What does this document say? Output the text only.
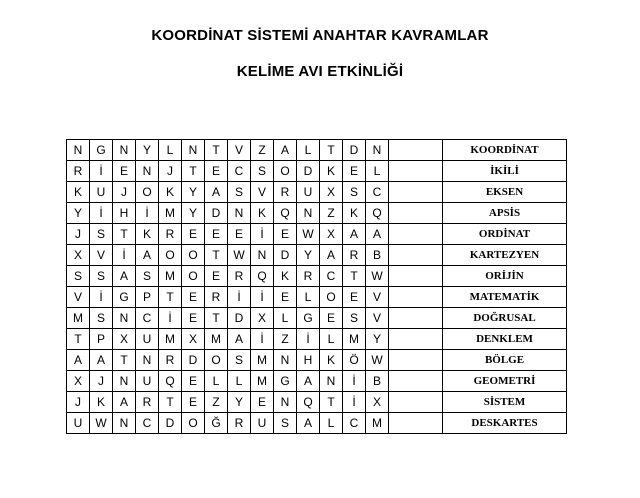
KOORDİNAT SİSTEMİ ANAHTAR KAVRAMLAR
KELİME AVI ETKİNLİĞİ
N	G	N	Y	L	N	T	V	Z	A	L	T	D	N		KOORDİNAT
R	İ	E	N	J	T	E	C	S	O	D	K	E	L		İKİLİ
K	U	J	O	K	Y	A	S	V	R	U	X	S	C		EKSEN
Y	İ	H	İ	M	Y	D	N	K	Q	N	Z	K	Q		APSİS
J	S	T	K	R	E	E	E	İ	E	W	X	A	A		ORDİNAT
X	V	İ	A	O	O	T	W	N	D	Y	A	R	B		KARTEZYEN
S	S	A	S	M	O	E	R	Q	K	R	C	T	W		ORİJİN
V	İ	G	P	T	E	R	İ	İ	E	L	O	E	V		MATEMATİK
M	S	N	C	İ	E	T	D	X	L	G	E	S	V		DOĞRUSAL
T	P	X	U	M	X	M	A	İ	Z	İ	L	M	Y		DENKLEM
A	A	T	N	R	D	O	S	M	N	H	K	Ö	W		BÖLGE
X	J	N	U	Q	E	L	L	M	G	A	N	İ	B		GEOMETRİ
J	K	A	R	T	E	Z	Y	E	N	Q	T	İ	X		SİSTEM
U	W	N	C	D	O	Ğ	R	U	S	A	L	C	M		DESKARTES
